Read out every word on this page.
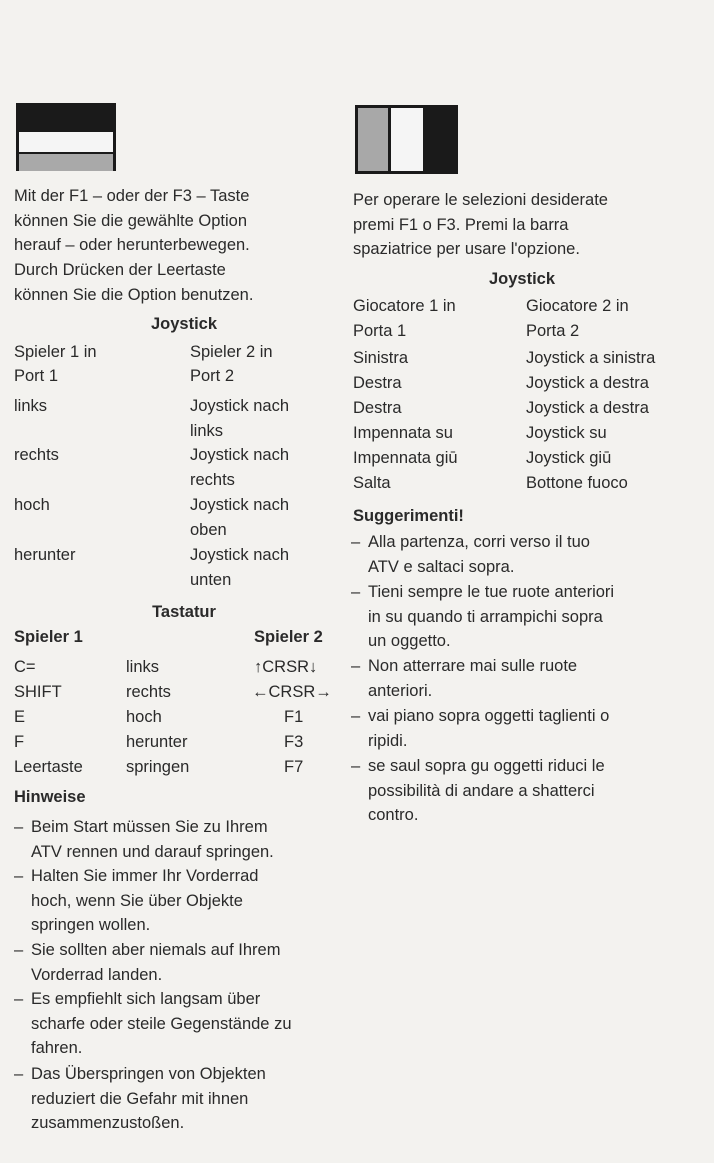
Mit der F1 – oder der F3 – Taste
können Sie die gewählte Option
herauf – oder herunterbewegen.
Durch Drücken der Leertaste
können Sie die Option benutzen.
Joystick
Spieler 1 in	Spieler 2 in
Port 1	Port 2
links	Joystick nach
links
rechts	Joystick nach
rechts
hoch	Joystick nach
oben
herunter	Joystick nach
unten
Tastatur
Spieler 1	Spieler 2
C=	links	↑CRSR↓
SHIFT	rechts	←CRSR→
E	hoch	F1
F	herunter	F3
Leertaste	springen	F7
Hinweise
– Beim Start müssen Sie zu Ihrem
ATV rennen und darauf springen.
– Halten Sie immer Ihr Vorderrad
hoch, wenn Sie über Objekte
springen wollen.
– Sie sollten aber niemals auf Ihrem
Vorderrad landen.
– Es empfiehlt sich langsam über
scharfe oder steile Gegenstände zu
fahren.
– Das Überspringen von Objekten
reduziert die Gefahr mit ihnen
zusammenzustoßen.
Per operare le selezioni desiderate
premi F1 o F3. Premi la barra
spaziatrice per usare l'opzione.
Joystick
Giocatore 1 in	Giocatore 2 in
Porta 1	Porta 2
Sinistra	Joystick a sinistra
Destra	Joystick a destra
Destra	Joystick a destra
Impennata su	Joystick su
Impennata giū	Joystick giū
Salta	Bottone fuoco
Suggerimenti!
– Alla partenza, corri verso il tuo
ATV e saltaci sopra.
– Tieni sempre le tue ruote anteriori
in su quando ti arrampichi sopra
un oggetto.
– Non atterrare mai sulle ruote
anteriori.
– vai piano sopra oggetti taglienti o
ripidi.
– se saul sopra gu oggetti riduci le
possibilità di andare a shatterci
contro.
